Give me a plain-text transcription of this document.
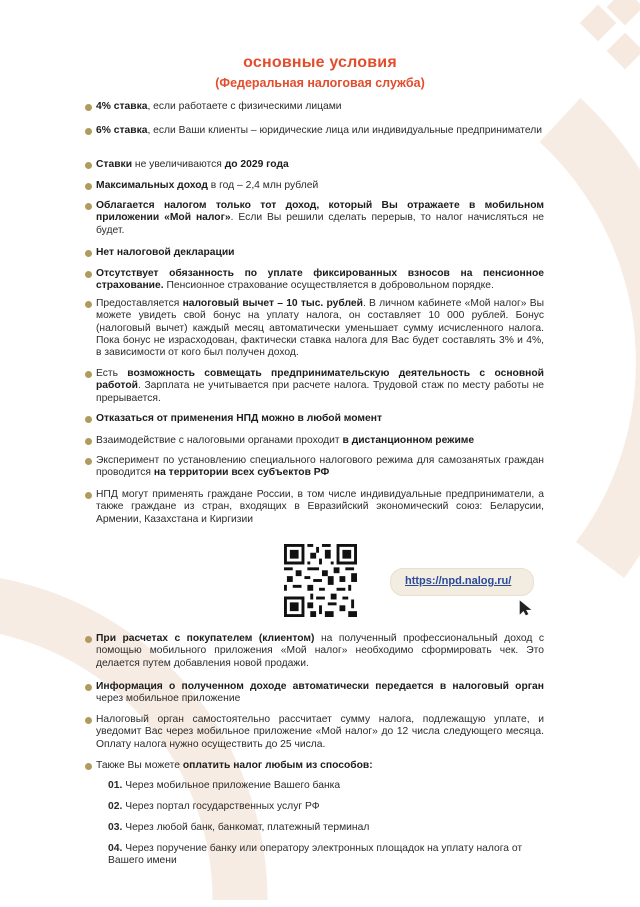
основные условия
(Федеральная налоговая служба)
4% ставка, если работаете с физическими лицами
6% ставка, если Ваши клиенты – юридические лица или индивидуальные предприниматели
Ставки не увеличиваются до 2029 года
Максимальных доход в год – 2,4 млн рублей
Облагается налогом только тот доход, который Вы отражаете в мобильном приложении «Мой налог». Если Вы решили сделать перерыв, то налог начисляться не будет.
Нет налоговой декларации
Отсутствует обязанность по уплате фиксированных взносов на пенсионное страхование. Пенсионное страхование осуществляется в добровольном порядке.
Предоставляется налоговый вычет – 10 тыс. рублей. В личном кабинете «Мой налог» Вы можете увидеть свой бонус на уплату налога, он составляет 10 000 рублей. Бонус (налоговый вычет) каждый месяц автоматически уменьшает сумму исчисленного налога. Пока бонус не израсходован, фактически ставка налога для Вас будет составлять 3% и 4%, в зависимости от кого был получен доход.
Есть возможность совмещать предпринимательскую деятельность с основной работой. Зарплата не учитывается при расчете налога. Трудовой стаж по месту работы не прерывается.
Отказаться от применения НПД можно в любой момент
Взаимодействие с налоговыми органами проходит в дистанционном режиме
Эксперимент по установлению специального налогового режима для самозанятых граждан проводится на территории всех субъектов РФ
НПД могут применять граждане России, в том числе индивидуальные предприниматели, а также граждане из стран, входящих в Евразийский экономический союз: Беларусии, Армении, Казахстана и Киргизии
https://npd.nalog.ru/
При расчетах с покупателем (клиентом) на полученный профессиональный доход с помощью мобильного приложения «Мой налог» необходимо сформировать чек. Это делается путем добавления новой продажи.
Информация о полученном доходе автоматически передается в налоговый орган через мобильное приложение
Налоговый орган самостоятельно рассчитает сумму налога, подлежащую уплате, и уведомит Вас через мобильное приложение «Мой налог» до 12 числа следующего месяца. Оплату налога нужно осуществить до 25 числа.
Также Вы можете оплатить налог любым из способов:
01. Через мобильное приложение Вашего банка
02. Через портал государственных услуг РФ
03. Через любой банк, банкомат, платежный терминал
04. Через поручение банку или оператору электронных площадок на уплату налога от Вашего имени
